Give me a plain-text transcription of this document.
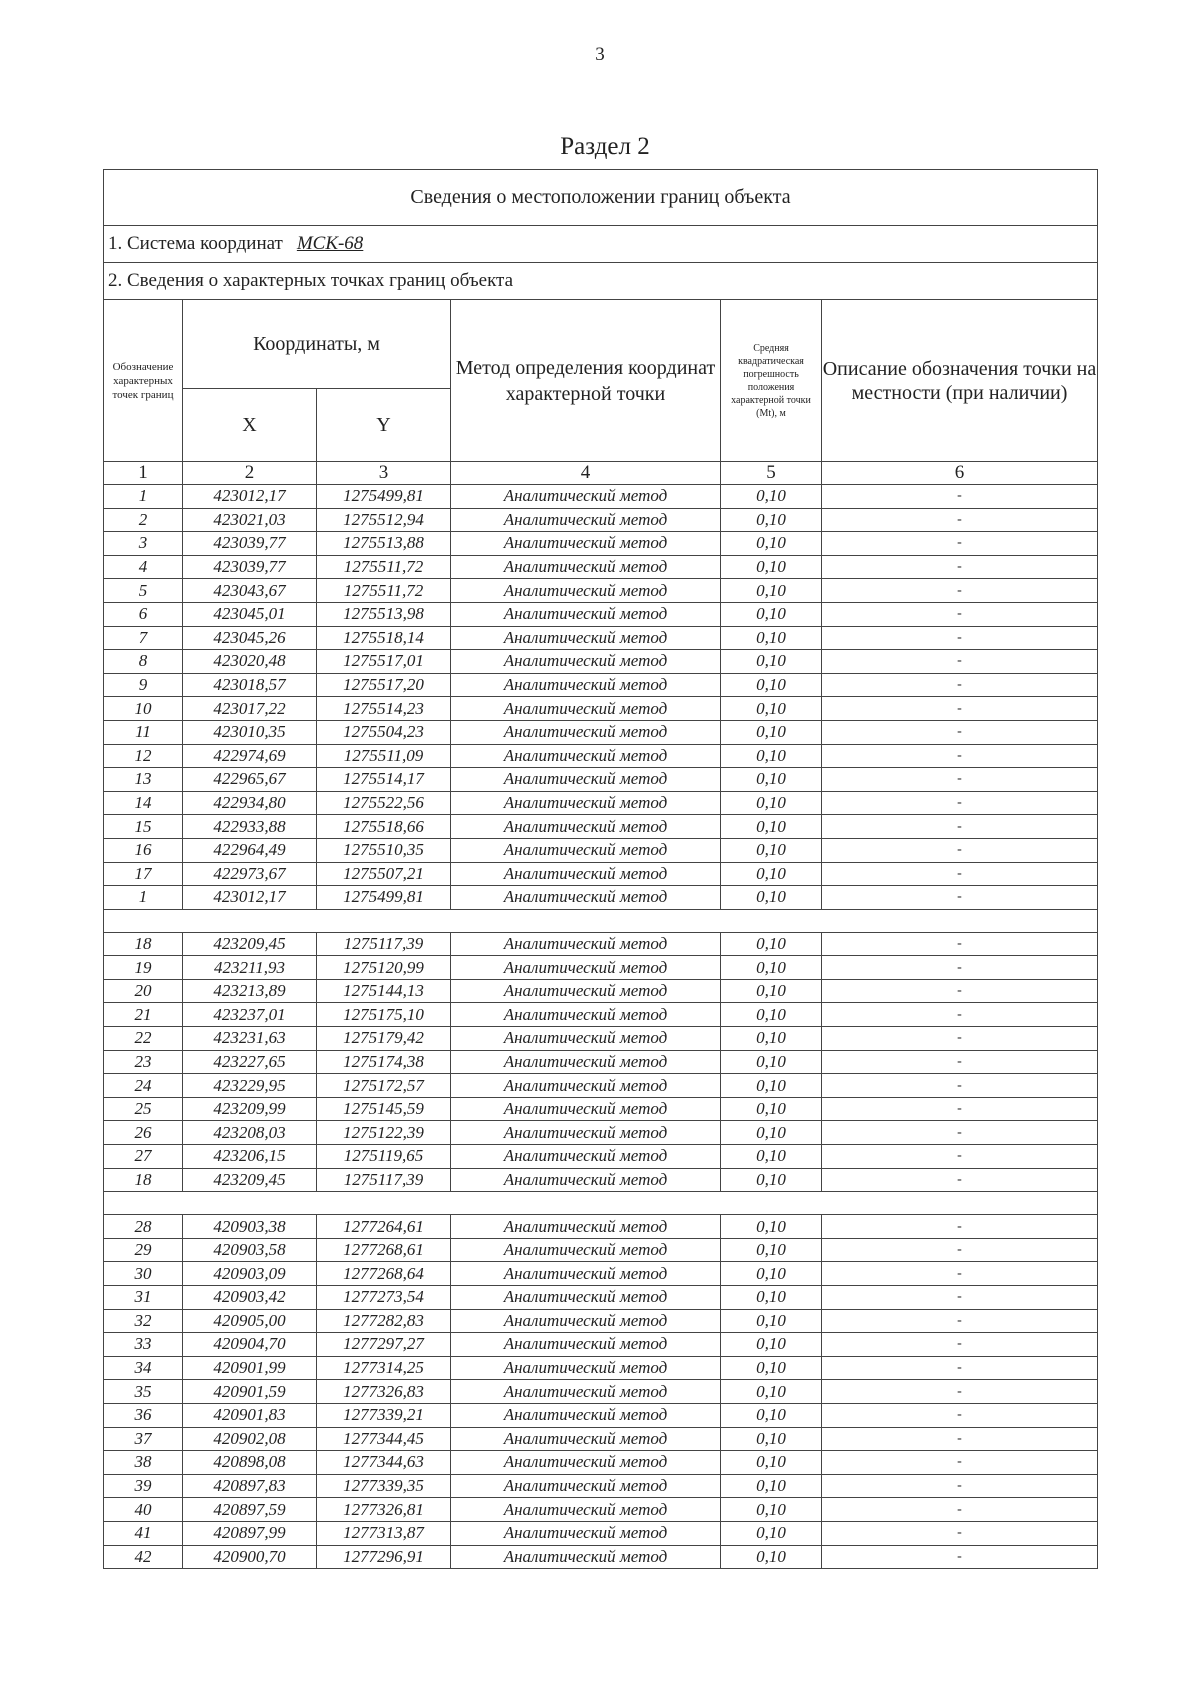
3
Раздел 2
Сведения о местоположении границ объекта					
1. Система координат МСК-68					
2. Сведения о характерных точках границ объекта					
Обозначение характерных точек границ	Координаты, м		Метод определения координат характерной точки	Средняя квадратическая погрешность положения характерной точки (Mt), м	Описание обозначения точки на местности (при наличии)
	X	Y			
1	2	3	4	5	6
1	423012,17	1275499,81	Аналитический метод	0,10	-
2	423021,03	1275512,94	Аналитический метод	0,10	-
3	423039,77	1275513,88	Аналитический метод	0,10	-
4	423039,77	1275511,72	Аналитический метод	0,10	-
5	423043,67	1275511,72	Аналитический метод	0,10	-
6	423045,01	1275513,98	Аналитический метод	0,10	-
7	423045,26	1275518,14	Аналитический метод	0,10	-
8	423020,48	1275517,01	Аналитический метод	0,10	-
9	423018,57	1275517,20	Аналитический метод	0,10	-
10	423017,22	1275514,23	Аналитический метод	0,10	-
11	423010,35	1275504,23	Аналитический метод	0,10	-
12	422974,69	1275511,09	Аналитический метод	0,10	-
13	422965,67	1275514,17	Аналитический метод	0,10	-
14	422934,80	1275522,56	Аналитический метод	0,10	-
15	422933,88	1275518,66	Аналитический метод	0,10	-
16	422964,49	1275510,35	Аналитический метод	0,10	-
17	422973,67	1275507,21	Аналитический метод	0,10	-
1	423012,17	1275499,81	Аналитический метод	0,10	-

18	423209,45	1275117,39	Аналитический метод	0,10	-
19	423211,93	1275120,99	Аналитический метод	0,10	-
20	423213,89	1275144,13	Аналитический метод	0,10	-
21	423237,01	1275175,10	Аналитический метод	0,10	-
22	423231,63	1275179,42	Аналитический метод	0,10	-
23	423227,65	1275174,38	Аналитический метод	0,10	-
24	423229,95	1275172,57	Аналитический метод	0,10	-
25	423209,99	1275145,59	Аналитический метод	0,10	-
26	423208,03	1275122,39	Аналитический метод	0,10	-
27	423206,15	1275119,65	Аналитический метод	0,10	-
18	423209,45	1275117,39	Аналитический метод	0,10	-

28	420903,38	1277264,61	Аналитический метод	0,10	-
29	420903,58	1277268,61	Аналитический метод	0,10	-
30	420903,09	1277268,64	Аналитический метод	0,10	-
31	420903,42	1277273,54	Аналитический метод	0,10	-
32	420905,00	1277282,83	Аналитический метод	0,10	-
33	420904,70	1277297,27	Аналитический метод	0,10	-
34	420901,99	1277314,25	Аналитический метод	0,10	-
35	420901,59	1277326,83	Аналитический метод	0,10	-
36	420901,83	1277339,21	Аналитический метод	0,10	-
37	420902,08	1277344,45	Аналитический метод	0,10	-
38	420898,08	1277344,63	Аналитический метод	0,10	-
39	420897,83	1277339,35	Аналитический метод	0,10	-
40	420897,59	1277326,81	Аналитический метод	0,10	-
41	420897,99	1277313,87	Аналитический метод	0,10	-
42	420900,70	1277296,91	Аналитический метод	0,10	-
